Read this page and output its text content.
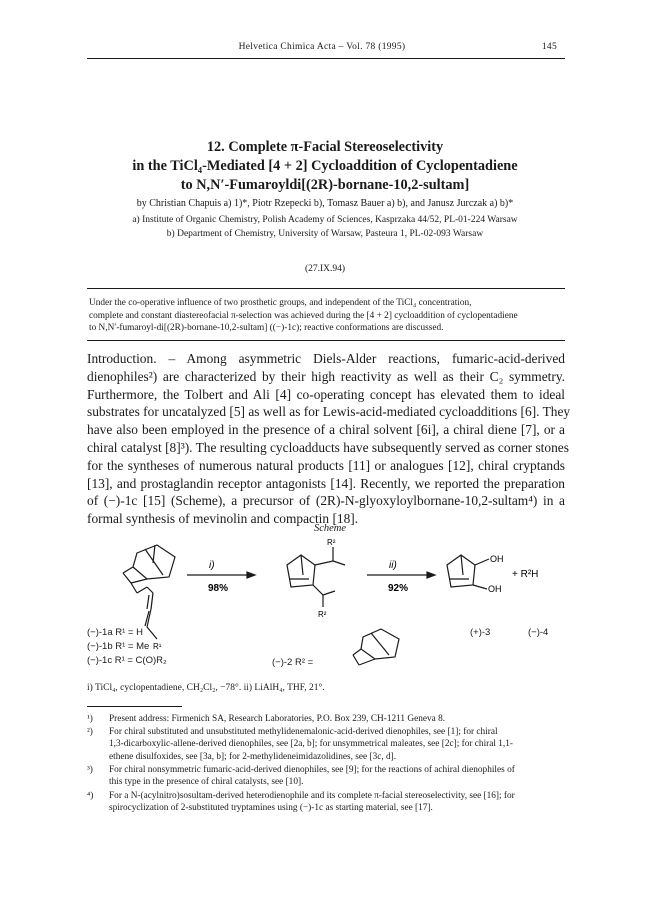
Helvetica Chimica Acta – Vol. 78 (1995)	145
12. Complete π-Facial Stereoselectivity
in the TiCl₄-Mediated [4 + 2] Cycloaddition of Cyclopentadiene
to N,N′-Fumaroyldi[(2R)-bornane-10,2-sultam]
by Christian Chapuis a) 1)*, Piotr Rzepecki b), Tomasz Bauer a) b), and Janusz Jurczak a) b)*
a) Institute of Organic Chemistry, Polish Academy of Sciences, Kasprzaka 44/52, PL-01-224 Warsaw
b) Department of Chemistry, University of Warsaw, Pasteura 1, PL-02-093 Warsaw
(27.IX.94)
Under the co-operative influence of two prosthetic groups, and independent of the TiCl₄ concentration,
complete and constant diastereofacial π-selection was achieved during the [4 + 2] cycloaddition of cyclopentadiene
to N,N′-fumaroyl-di[(2R)-bornane-10,2-sultam] ((−)-1c); reactive conformations are discussed.
Introduction. – Among asymmetric Diels-Alder reactions, fumaric-acid-derived
dienophiles²) are characterized by their high reactivity as well as their C₂ symmetry.
Furthermore, the Tolbert and Ali [4] co-operating concept has elevated them to ideal
substrates for uncatalyzed [5] as well as for Lewis-acid-mediated cycloadditions [6]. They
have also been employed in the presence of a chiral solvent [6i], a chiral diene [7], or a
chiral catalyst [8]³). The resulting cycloadducts have subsequently served as corner stones
for the syntheses of numerous natural products [11] or analogues [12], chiral cryptands
[13], and prostaglandin receptor antagonists [14]. Recently, we reported the preparation
of (−)-1c [15] (Scheme), a precursor of (2R)-N-glyoxyloylbornane-10,2-sultam⁴) in a
formal synthesis of mevinolin and compactin [18].
Scheme
i)
98%
ii)
92%
R²
R²
R¹
OH
OH
+ R²H
(−)-1a R¹ = H
(−)-1b R¹ = Me
(−)-1c R¹ = C(O)R₂	(−)-2 R² =
(+)-3	(−)-4
i) TiCl₄, cyclopentadiene, CH₂Cl₂, −78°. ii) LiAlH₄, THF, 21°.
¹)	Present address: Firmenich SA, Research Laboratories, P.O. Box 239, CH-1211 Geneva 8.
²)	For chiral substituted and unsubstituted methylidenemalonic-acid-derived dienophiles, see [1]; for chiral
1,3-dicarboxylic-allene-derived dienophiles, see [2a, b]; for unsymmetrical maleates, see [2c]; for chiral 1,1-
ethene disulfoxides, see [3a, b]; for 2-methylideneimidazolidines, see [3c, d].
³)	For chiral nonsymmetric fumaric-acid-derived dienophiles, see [9]; for the reactions of achiral dienophiles of
this type in the presence of chiral catalysts, see [10].
⁴)	For a N-(acylnitro)sosultam-derived heterodienophile and its complete π-facial stereoselectivity, see [16]; for
spirocyclization of 2-substituted tryptamines using (−)-1c as starting material, see [17].
